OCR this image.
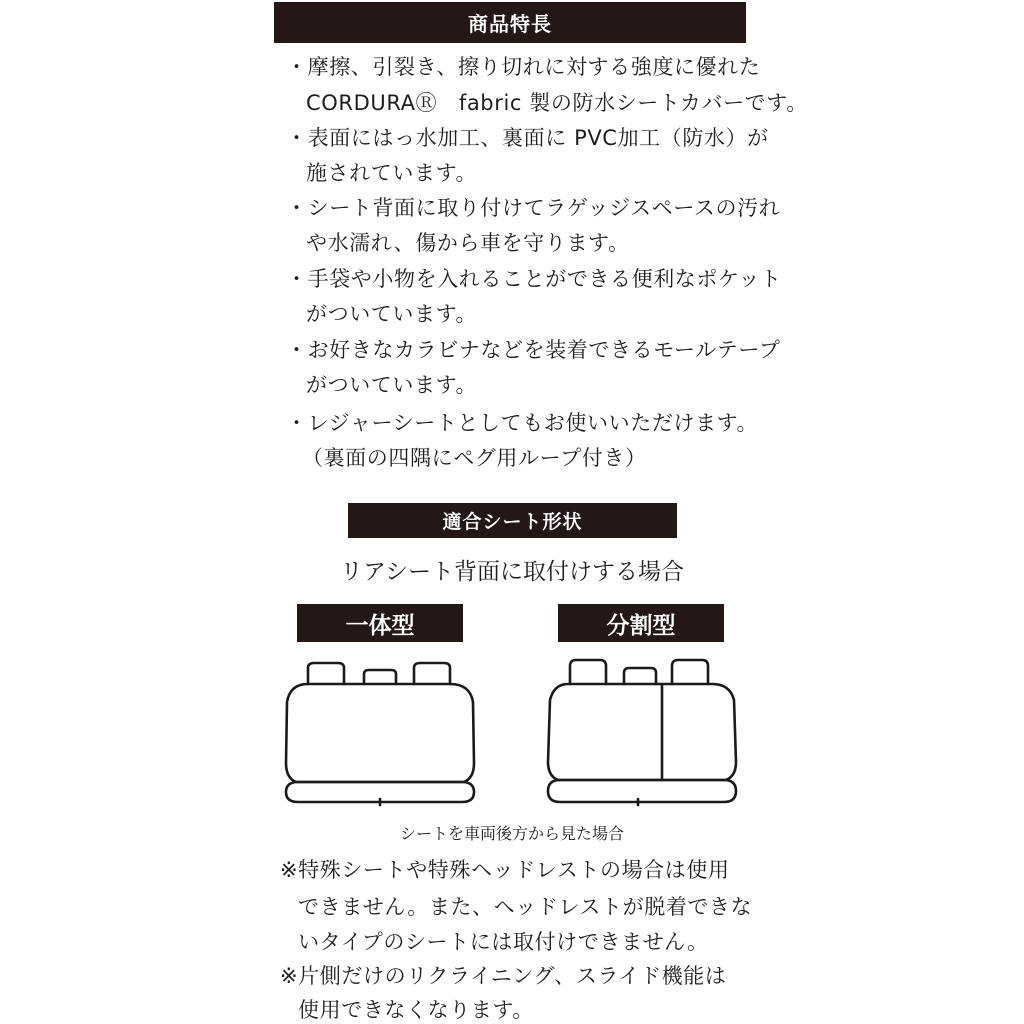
商品特長
・摩擦、引裂き、擦り切れに対する強度に優れた
CORDURAⓇ　fabric 製の防水シートカバーです。
・表面にはっ水加工、裏面に PVC加工（防水）が
施されています。
・シート背面に取り付けてラゲッジスペースの汚れ
や水濡れ、傷から車を守ります。
・手袋や小物を入れることができる便利なポケット
がついています。
・お好きなカラビナなどを装着できるモールテープ
がついています。
・レジャーシートとしてもお使いいただけます。
（裏面の四隅にペグ用ループ付き）
適合シート形状
リアシート背面に取付けする場合
一体型	分割型
シートを車両後方から見た場合
※特殊シートや特殊ヘッドレストの場合は使用
できません。また、ヘッドレストが脱着できな
いタイプのシートには取付けできません。
※片側だけのリクライニング、スライド機能は
使用できなくなります。
